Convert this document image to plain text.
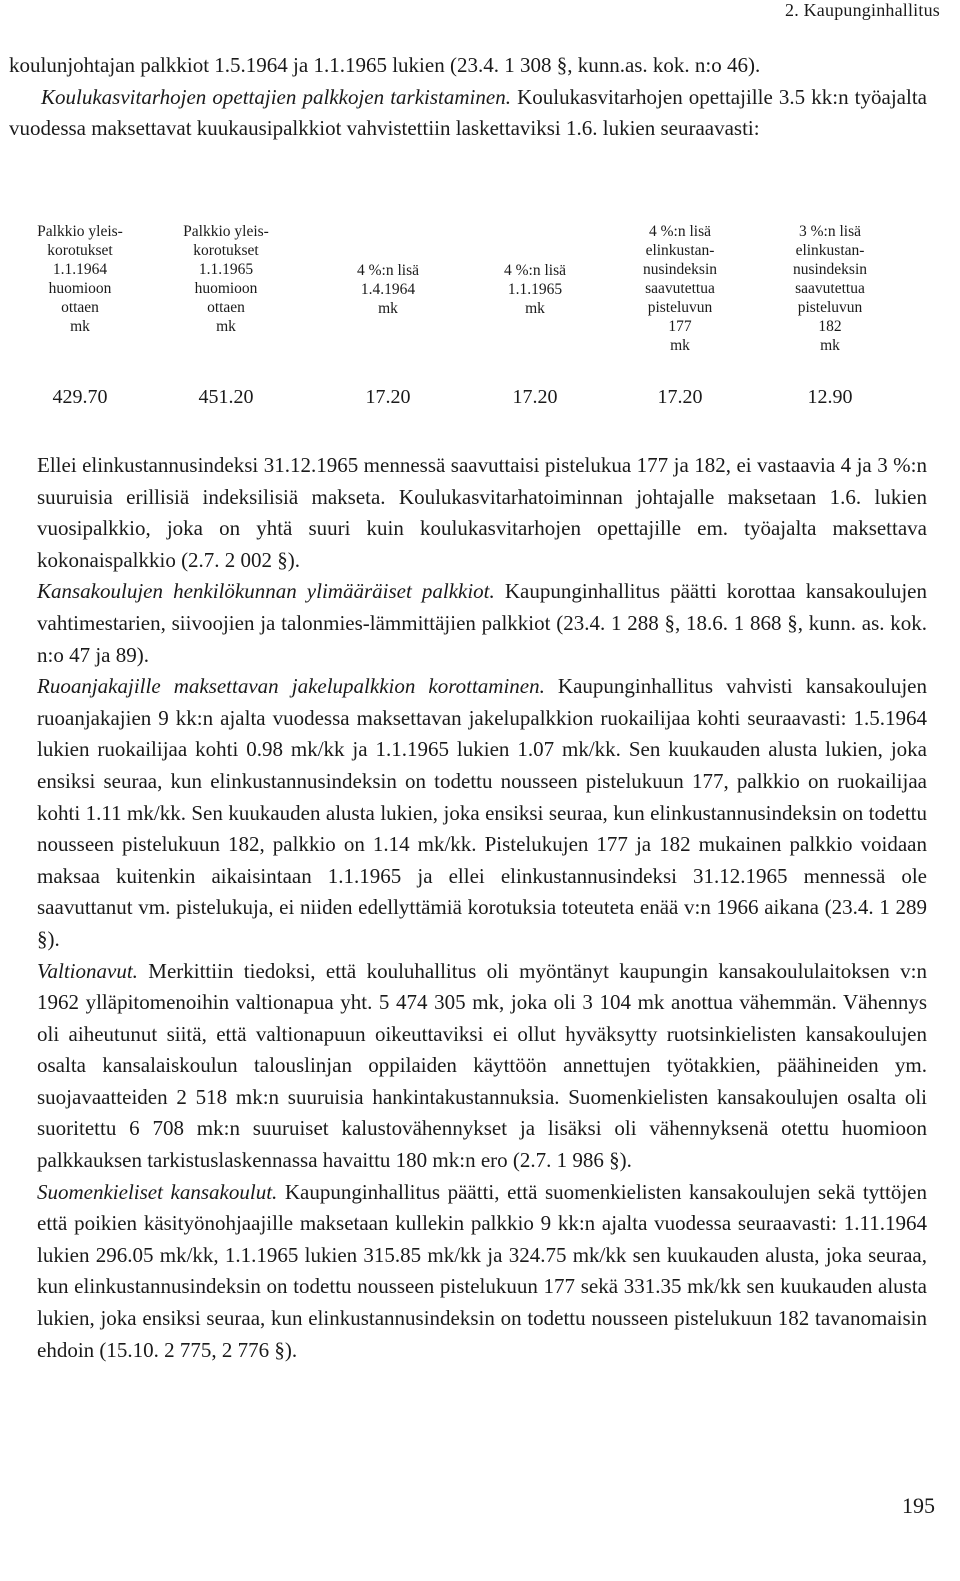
2. Kaupunginhallitus

koulunjohtajan palkkiot 1.5.1964 ja 1.1.1965 lukien (23.4. 1 308 §, kunn.as. kok. n:o 46).

Koulukasvitarhojen opettajien palkkojen tarkistaminen. Koulukasvitarhojen opettajille 3.5 kk:n työajalta vuodessa maksettavat kuukausipalkkiot vahvistettiin laskettaviksi 1.6. lukien seuraavasti:

Palkkio yleis-
korotukset
1.1.1964
huomioon
ottaen
mk
429.70
Palkkio yleis-
korotukset
1.1.1965
huomioon
ottaen
mk
451.20
4 %:n lisä
1.4.1964
mk
17.20
4 %:n lisä
1.1.1965
mk
17.20
4 %:n lisä
elinkustan-
nusindeksin
saavutettua
pisteluvun
177
mk
17.20
3 %:n lisä
elinkustan-
nusindeksin
saavutettua
pisteluvun
182
mk
12.90

Ellei elinkustannusindeksi 31.12.1965 mennessä saavuttaisi pistelukua 177 ja 182, ei vastaavia 4 ja 3 %:n suuruisia erillisiä indeksilisiä makseta. Koulukasvitarhatoiminnan johtajalle maksetaan 1.6. lukien vuosipalkkio, joka on yhtä suuri kuin koulukasvitarhojen opettajille em. työajalta maksettava kokonaispalkkio (2.7. 2 002 §).

Kansakoulujen henkilökunnan ylimääräiset palkkiot. Kaupunginhallitus päätti korottaa kansakoulujen vahtimestarien, siivoojien ja talonmies-lämmittäjien palkkiot (23.4. 1 288 §, 18.6. 1 868 §, kunn. as. kok. n:o 47 ja 89).

Ruoanjakajille maksettavan jakelupalkkion korottaminen. Kaupunginhallitus vahvisti kansakoulujen ruoanjakajien 9 kk:n ajalta vuodessa maksettavan jakelupalkkion ruokailijaa kohti seuraavasti: 1.5.1964 lukien ruokailijaa kohti 0.98 mk/kk ja 1.1.1965 lukien 1.07 mk/kk. Sen kuukauden alusta lukien, joka ensiksi seuraa, kun elinkustannusindeksin on todettu nousseen pistelukuun 177, palkkio on ruokailijaa kohti 1.11 mk/kk. Sen kuukauden alusta lukien, joka ensiksi seuraa, kun elinkustannusindeksin on todettu nousseen pistelukuun 182, palkkio on 1.14 mk/kk. Pistelukujen 177 ja 182 mukainen palkkio voidaan maksaa kuitenkin aikaisintaan 1.1.1965 ja ellei elinkustannusindeksi 31.12.1965 mennessä ole saavuttanut vm. pistelukuja, ei niiden edellyttämiä korotuksia toteuteta enää v:n 1966 aikana (23.4. 1 289 §).

Valtionavut. Merkittiin tiedoksi, että kouluhallitus oli myöntänyt kaupungin kansakoululaitoksen v:n 1962 ylläpitomenoihin valtionapua yht. 5 474 305 mk, joka oli 3 104 mk anottua vähemmän. Vähennys oli aiheutunut siitä, että valtionapuun oikeuttaviksi ei ollut hyväksytty ruotsinkielisten kansakoulujen osalta kansalaiskoulun talouslinjan oppilaiden käyttöön annettujen työtakkien, päähineiden ym. suojavaatteiden 2 518 mk:n suuruisia hankintakustannuksia. Suomenkielisten kansakoulujen osalta oli suoritettu 6 708 mk:n suuruiset kalustovähennykset ja lisäksi oli vähennyksenä otettu huomioon palkkauksen tarkistuslaskennassa havaittu 180 mk:n ero (2.7. 1 986 §).

Suomenkieliset kansakoulut. Kaupunginhallitus päätti, että suomenkielisten kansakoulujen sekä tyttöjen että poikien käsityönohjaajille maksetaan kullekin palkkio 9 kk:n ajalta vuodessa seuraavasti: 1.11.1964 lukien 296.05 mk/kk, 1.1.1965 lukien 315.85 mk/kk ja 324.75 mk/kk sen kuukauden alusta, joka seuraa, kun elinkustannusindeksin on todettu nousseen pistelukuun 177 sekä 331.35 mk/kk sen kuukauden alusta lukien, joka ensiksi seuraa, kun elinkustannusindeksin on todettu nousseen pistelukuun 182 tavanomaisin ehdoin (15.10. 2 775, 2 776 §).

195
